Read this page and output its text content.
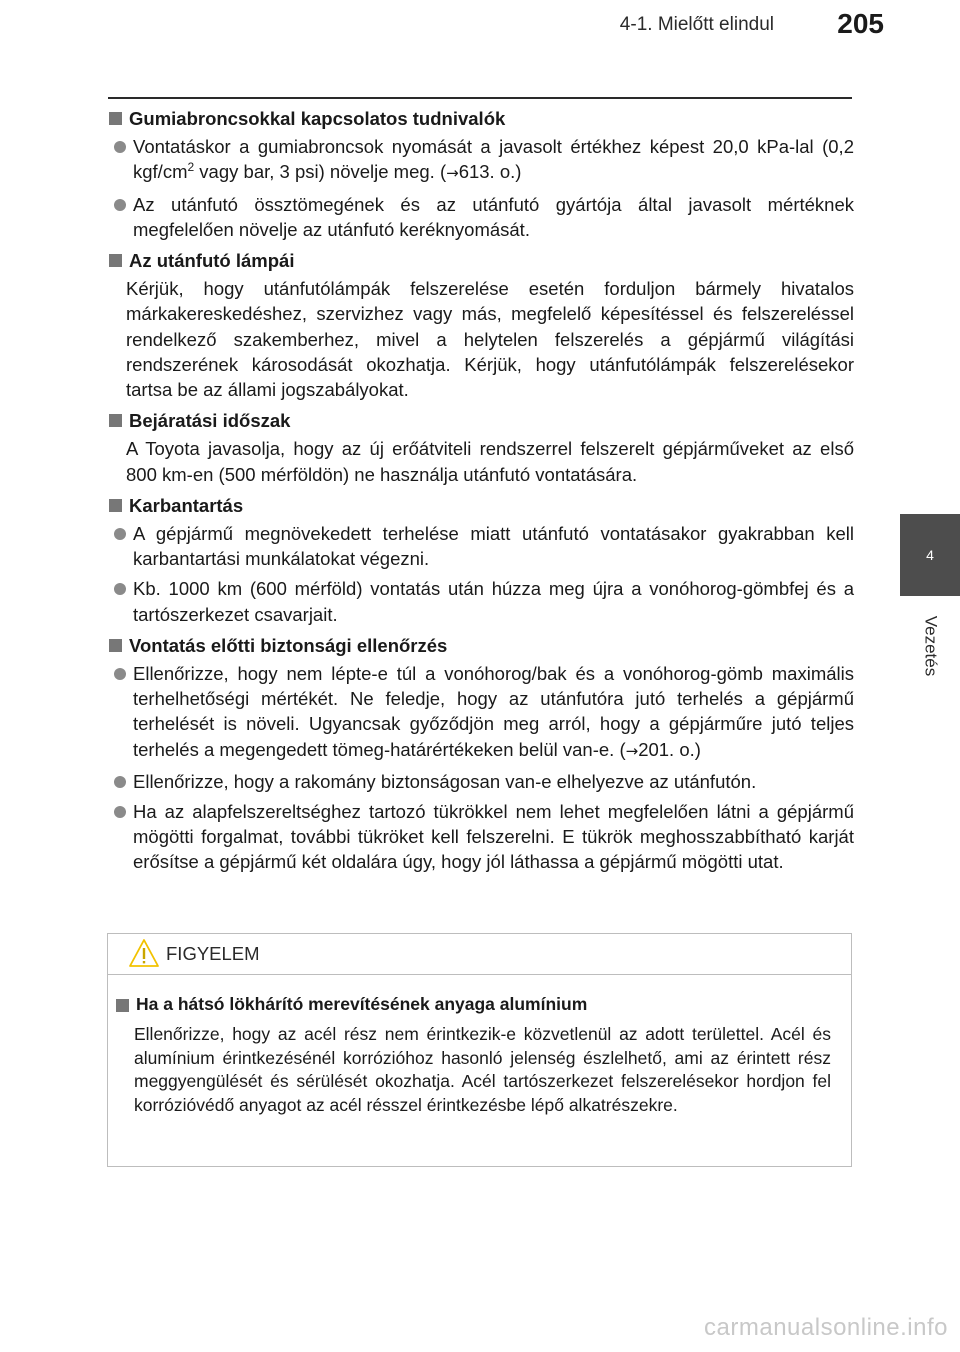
4-1. Mielőtt elindul 205
4
Vezetés
Gumiabroncsokkal kapcsolatos tudnivalók
Vontatáskor a gumiabroncsok nyomását a javasolt értékhez képest 20,0 kPa-lal (0,2 kgf/$cm^2$ vagy bar, 3 psi) növelje meg. (→613. o.)
Az utánfutó össztömegének és az utánfutó gyártója által javasolt mértéknek megfelelően növelje az utánfutó keréknyomását.
Az utánfutó lámpái
Kérjük, hogy utánfutólámpák felszerelése esetén forduljon bármely hivatalos márkakereskedéshez, szervizhez vagy más, megfelelő képesítéssel és felszereléssel rendelkező szakemberhez, mivel a helytelen felszerelés a gépjármű világítási rendszerének károsodását okozhatja. Kérjük, hogy utánfutólámpák felszerelésekor tartsa be az állami jogszabályokat.
Bejáratási időszak
A Toyota javasolja, hogy az új erőátviteli rendszerrel felszerelt gépjárműveket az első 800 km-en (500 mérföldön) ne használja utánfutó vontatására.
Karbantartás
A gépjármű megnövekedett terhelése miatt utánfutó vontatásakor gyakrabban kell karbantartási munkálatokat végezni.
Kb. 1000 km (600 mérföld) vontatás után húzza meg újra a vonóhorog-gömbfej és a tartószerkezet csavarjait.
Vontatás előtti biztonsági ellenőrzés
Ellenőrizze, hogy nem lépte-e túl a vonóhorog/bak és a vonóhorog-gömb maximális terhelhetőségi mértékét. Ne feledje, hogy az utánfutóra jutó terhelés a gépjármű terhelését is növeli. Ugyancsak győződjön meg arról, hogy a gépjárműre jutó teljes terhelés a megengedett tömeg-határértékeken belül van-e. (→201. o.)
Ellenőrizze, hogy a rakomány biztonságosan van-e elhelyezve az utánfutón.
Ha az alapfelszereltséghez tartozó tükrökkel nem lehet megfelelően látni a gépjármű mögötti forgalmat, további tükröket kell felszerelni. E tükrök meghosszabbítható karját erősítse a gépjármű két oldalára úgy, hogy jól láthassa a gépjármű mögötti utat.
FIGYELEM
Ha a hátsó lökhárító merevítésének anyaga alumínium
Ellenőrizze, hogy az acél rész nem érintkezik-e közvetlenül az adott területtel. Acél és alumínium érintkezésénél korrózióhoz hasonló jelenség észlelhető, ami az érintett rész meggyengülését és sérülését okozhatja. Acél tartószerkezet felszerelésekor hordjon fel korrózióvédő anyagot az acél résszel érintkezésbe lépő alkatrészekre.
carmanualsonline.info
